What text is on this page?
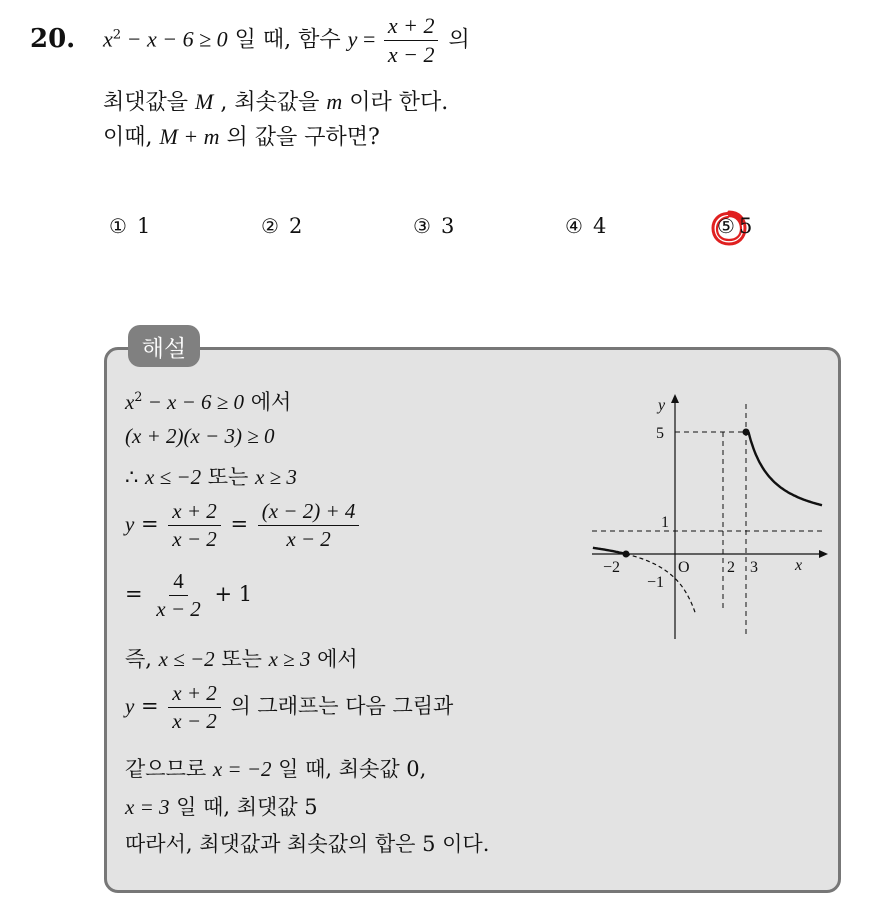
20. $x^2 - x - 6 \ge 0$ 일 때, 함수 $y = \frac{x + 2}{x - 2}$ 의
최댓값을 M , 최솟값을 m 이라 한다.
이때, M + m 의 값을 구하면?
① 1	② 2	③ 3	④ 4	⑤ 5
해설
$x^2 - x - 6 \ge 0$ 에서
(x + 2)(x − 3) ≥ 0
∴ x ≤ −2 또는 x ≥ 3
$y = \frac{x + 2}{x - 2} = \frac{(x - 2) + 4}{x - 2}$
= $\frac{4}{x - 2} + 1$
즉, x ≤ −2 또는 x ≥ 3 에서
$y = \frac{x + 2}{x - 2}$ 의 그래프는 다음 그림과
같으므로 x = −2 일 때, 최솟값 0,
x = 3 일 때, 최댓값 5
따라서, 최댓값과 최솟값의 합은 5 이다.
y
x
O
5
1
−1
−2	2 3
